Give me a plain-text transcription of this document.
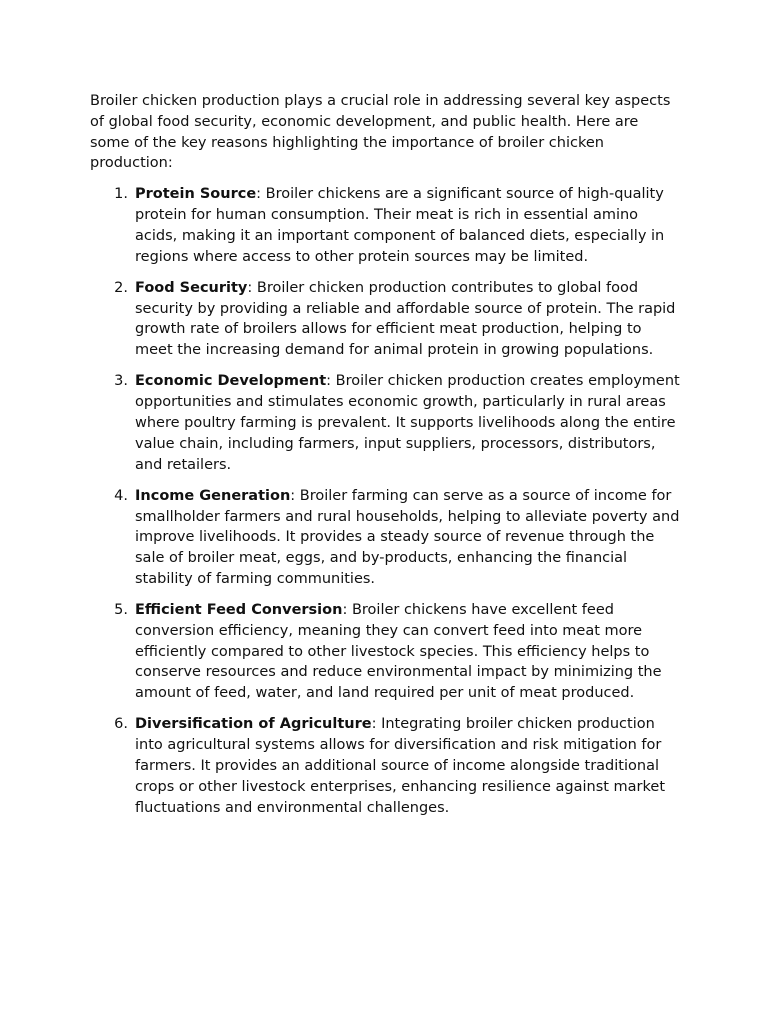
Broiler chicken production plays a crucial role in addressing several key aspects of global food security, economic development, and public health. Here are some of the key reasons highlighting the importance of broiler chicken production:

1. Protein Source: Broiler chickens are a significant source of high-quality protein for human consumption. Their meat is rich in essential amino acids, making it an important component of balanced diets, especially in regions where access to other protein sources may be limited.
2. Food Security: Broiler chicken production contributes to global food security by providing a reliable and affordable source of protein. The rapid growth rate of broilers allows for efficient meat production, helping to meet the increasing demand for animal protein in growing populations.
3. Economic Development: Broiler chicken production creates employment opportunities and stimulates economic growth, particularly in rural areas where poultry farming is prevalent. It supports livelihoods along the entire value chain, including farmers, input suppliers, processors, distributors, and retailers.
4. Income Generation: Broiler farming can serve as a source of income for smallholder farmers and rural households, helping to alleviate poverty and improve livelihoods. It provides a steady source of revenue through the sale of broiler meat, eggs, and by-products, enhancing the financial stability of farming communities.
5. Efficient Feed Conversion: Broiler chickens have excellent feed conversion efficiency, meaning they can convert feed into meat more efficiently compared to other livestock species. This efficiency helps to conserve resources and reduce environmental impact by minimizing the amount of feed, water, and land required per unit of meat produced.
6. Diversification of Agriculture: Integrating broiler chicken production into agricultural systems allows for diversification and risk mitigation for farmers. It provides an additional source of income alongside traditional crops or other livestock enterprises, enhancing resilience against market fluctuations and environmental challenges.
